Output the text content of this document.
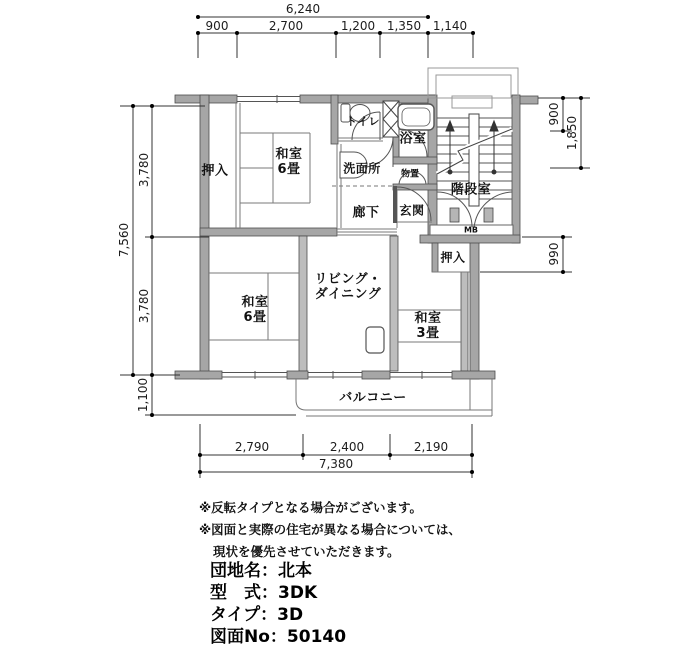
6,240
900	2,700	1,200 1,350 1,140
7,560
3,780
3,780
1,100
900
1,850
990
2,790	2,400	2,190
7,380
押入
和室
6畳
トイレ
浴室
洗面所 物置
廊下 玄関
階段室
MB
押入
和室
6畳
リビング・
ダイニング
和室
3畳
バルコニー
※反転タイプとなる場合がございます。
※図面と実際の住宅が異なる場合については、
現状を優先させていただきます。
団地名：北本
型　式：3DK
タイプ：3D
図面No：50140
